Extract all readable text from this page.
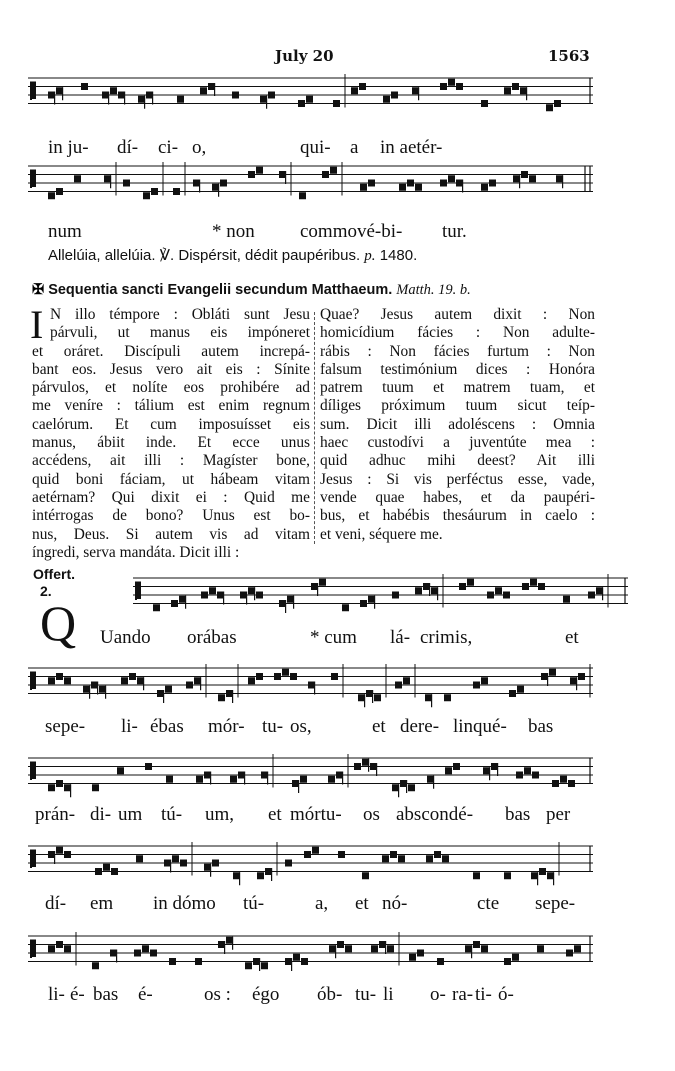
July 20	1563
in ju- dí- ci- o,	qui- a in aetér-
num	* non commové-bi- tur.
Allelúia, allelúia. ℣. Dispérsit, dédit paupéribus. p. 1480.
✠ Sequentia sancti Evangelii secundum Matthaeum. Matth. 19. b.
I N illo témpore : Obláti sunt Jesu
párvuli, ut manus eis impóneret
et oráret. Discípuli autem increpá-
bant eos. Jesus vero ait eis : Sínite
párvulos, et nolíte eos prohibére ad
me veníre : tálium est enim regnum
caelórum. Et cum imposuísset eis
manus, ábiit inde. Et ecce unus
accédens, ait illi : Magíster bone,
quid boni fáciam, ut hábeam vitam
aetérnam? Qui dixit ei : Quid me
intérrogas de bono? Unus est bo-
nus, Deus. Si autem vis ad vitam
íngredi, serva mandáta. Dicit illi :
Quae? Jesus autem dixit : Non
homicídium fácies : Non adulte-
rábis : Non fácies furtum : Non
falsum testimónium dices : Honóra
patrem tuum et matrem tuam, et
díliges próximum tuum sicut teíp-
sum. Dicit illi adoléscens : Omnia
haec custodívi a juventúte mea :
quid adhuc mihi deest? Ait illi
Jesus : Si vis perféctus esse, vade,
vende quae habes, et da paupéri-
bus, et habébis thesáurum in caelo :
et veni, séquere me.
Offert.
2.
Q Uando orábas	* cum lá- crimis,	et
sepe- li- ébas mór- tu- os,	et dere- linqué- bas
prán- di- um tú- um, et mórtu- os abscondé- bas per
dí- em in dómo tú-	a, et nó-	cte sepe-
li- é- bas é-	os : égo ób- tu- li o- ra- ti- ó-
